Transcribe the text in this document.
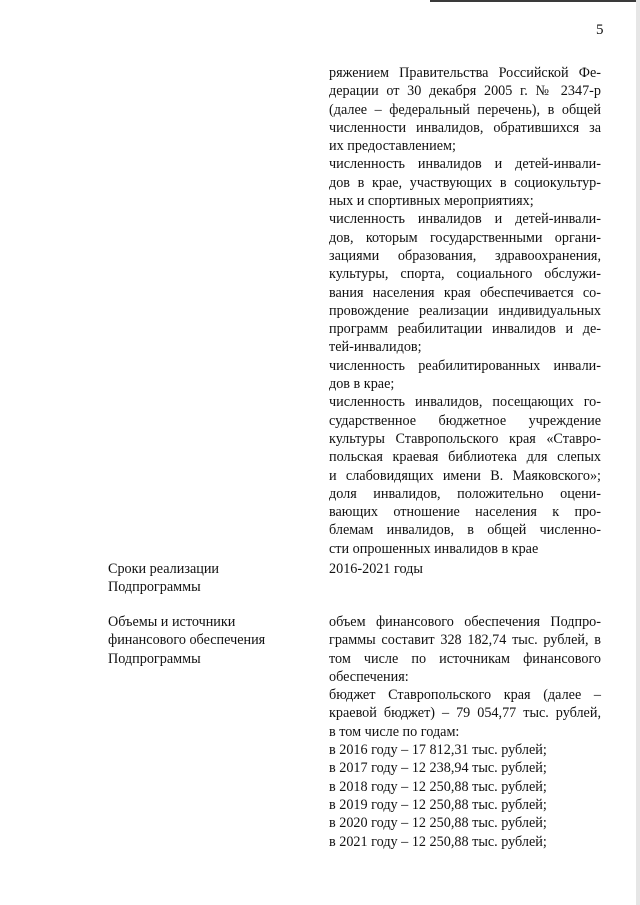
5
ряжением Правительства Российской Фе-
дерации от 30 декабря 2005 г. № 2347-р
(далее – федеральный перечень), в общей
численности инвалидов, обратившихся за
их предоставлением;
численность инвалидов и детей-инвали-
дов в крае, участвующих в социокультур-
ных и спортивных мероприятиях;
численность инвалидов и детей-инвали-
дов, которым государственными органи-
зациями образования, здравоохранения,
культуры, спорта, социального обслужи-
вания населения края обеспечивается со-
провождение реализации индивидуальных
программ реабилитации инвалидов и де-
тей-инвалидов;
численность реабилитированных инвали-
дов в крае;
численность инвалидов, посещающих го-
сударственное бюджетное учреждение
культуры Ставропольского края «Ставро-
польская краевая библиотека для слепых
и слабовидящих имени В. Маяковского»;
доля инвалидов, положительно оцени-
вающих отношение населения к про-
блемам инвалидов, в общей численно-
сти опрошенных инвалидов в крае
Сроки реализации
Подпрограммы
2016-2021 годы
Объемы и источники
финансового обеспечения
Подпрограммы
объем финансового обеспечения Подпро-
граммы составит 328 182,74 тыс. рублей, в
том числе по источникам финансового
обеспечения:
бюджет Ставропольского края (далее –
краевой бюджет) – 79 054,77 тыс. рублей,
в том числе по годам:
в 2016 году – 17 812,31 тыс. рублей;
в 2017 году – 12 238,94 тыс. рублей;
в 2018 году – 12 250,88 тыс. рублей;
в 2019 году – 12 250,88 тыс. рублей;
в 2020 году – 12 250,88 тыс. рублей;
в 2021 году – 12 250,88 тыс. рублей;
